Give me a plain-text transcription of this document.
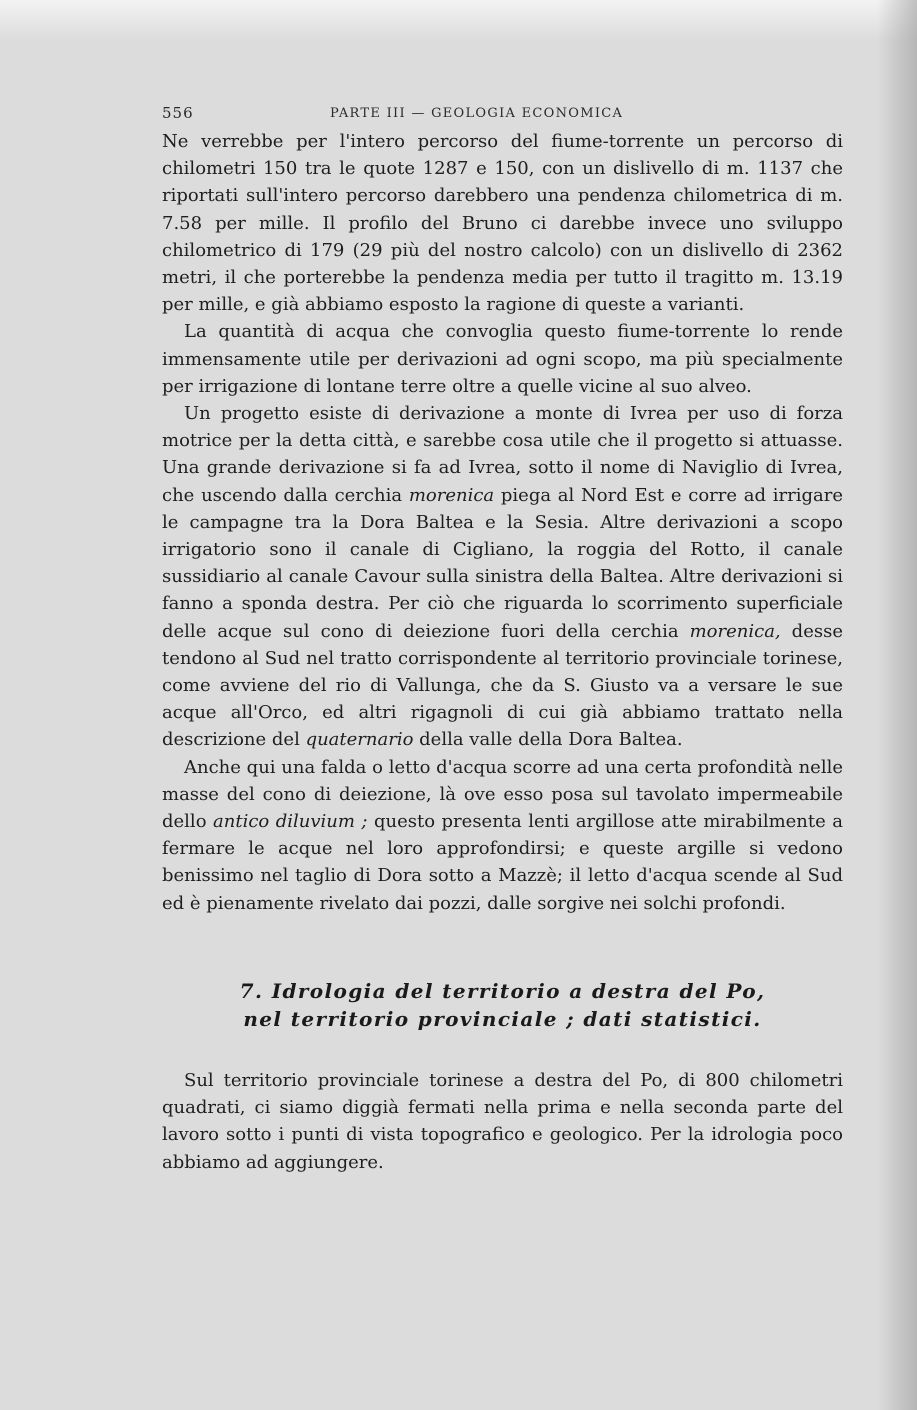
556	PARTE III — GEOLOGIA ECONOMICA

Ne verrebbe per l'intero percorso del fiume-torrente un percorso di chilometri 150 tra le quote 1287 e 150, con un dislivello di m. 1137 che riportati sull'intero percorso darebbero una pendenza chilometrica di m. 7.58 per mille. Il profilo del Bruno ci darebbe invece uno sviluppo chilometrico di 179 (29 più del nostro calcolo) con un dislivello di 2362 metri, il che porterebbe la pendenza media per tutto il tragitto m. 13.19 per mille, e già abbiamo esposto la ragione di queste a varianti.

La quantità di acqua che convoglia questo fiume-torrente lo rende immensamente utile per derivazioni ad ogni scopo, ma più specialmente per irrigazione di lontane terre oltre a quelle vicine al suo alveo.

Un progetto esiste di derivazione a monte di Ivrea per uso di forza motrice per la detta città, e sarebbe cosa utile che il progetto si attuasse. Una grande derivazione si fa ad Ivrea, sotto il nome di Naviglio di Ivrea, che uscendo dalla cerchia morenica piega al Nord Est e corre ad irrigare le campagne tra la Dora Baltea e la Sesia. Altre derivazioni a scopo irrigatorio sono il canale di Cigliano, la roggia del Rotto, il canale sussidiario al canale Cavour sulla sinistra della Baltea. Altre derivazioni si fanno a sponda destra. Per ciò che riguarda lo scorrimento superficiale delle acque sul cono di deiezione fuori della cerchia morenica, desse tendono al Sud nel tratto corrispondente al territorio provinciale torinese, come avviene del rio di Vallunga, che da S. Giusto va a versare le sue acque all'Orco, ed altri rigagnoli di cui già abbiamo trattato nella descrizione del quaternario della valle della Dora Baltea.

Anche qui una falda o letto d'acqua scorre ad una certa profondità nelle masse del cono di deiezione, là ove esso posa sul tavolato impermeabile dello antico diluvium ; questo presenta lenti argillose atte mirabilmente a fermare le acque nel loro approfondirsi; e queste argille si vedono benissimo nel taglio di Dora sotto a Mazzè; il letto d'acqua scende al Sud ed è pienamente rivelato dai pozzi, dalle sorgive nei solchi profondi.

7. Idrologia del territorio a destra del Po,
nel territorio provinciale ; dati statistici.

Sul territorio provinciale torinese a destra del Po, di 800 chilometri quadrati, ci siamo diggià fermati nella prima e nella seconda parte del lavoro sotto i punti di vista topografico e geologico. Per la idrologia poco abbiamo ad aggiungere.
